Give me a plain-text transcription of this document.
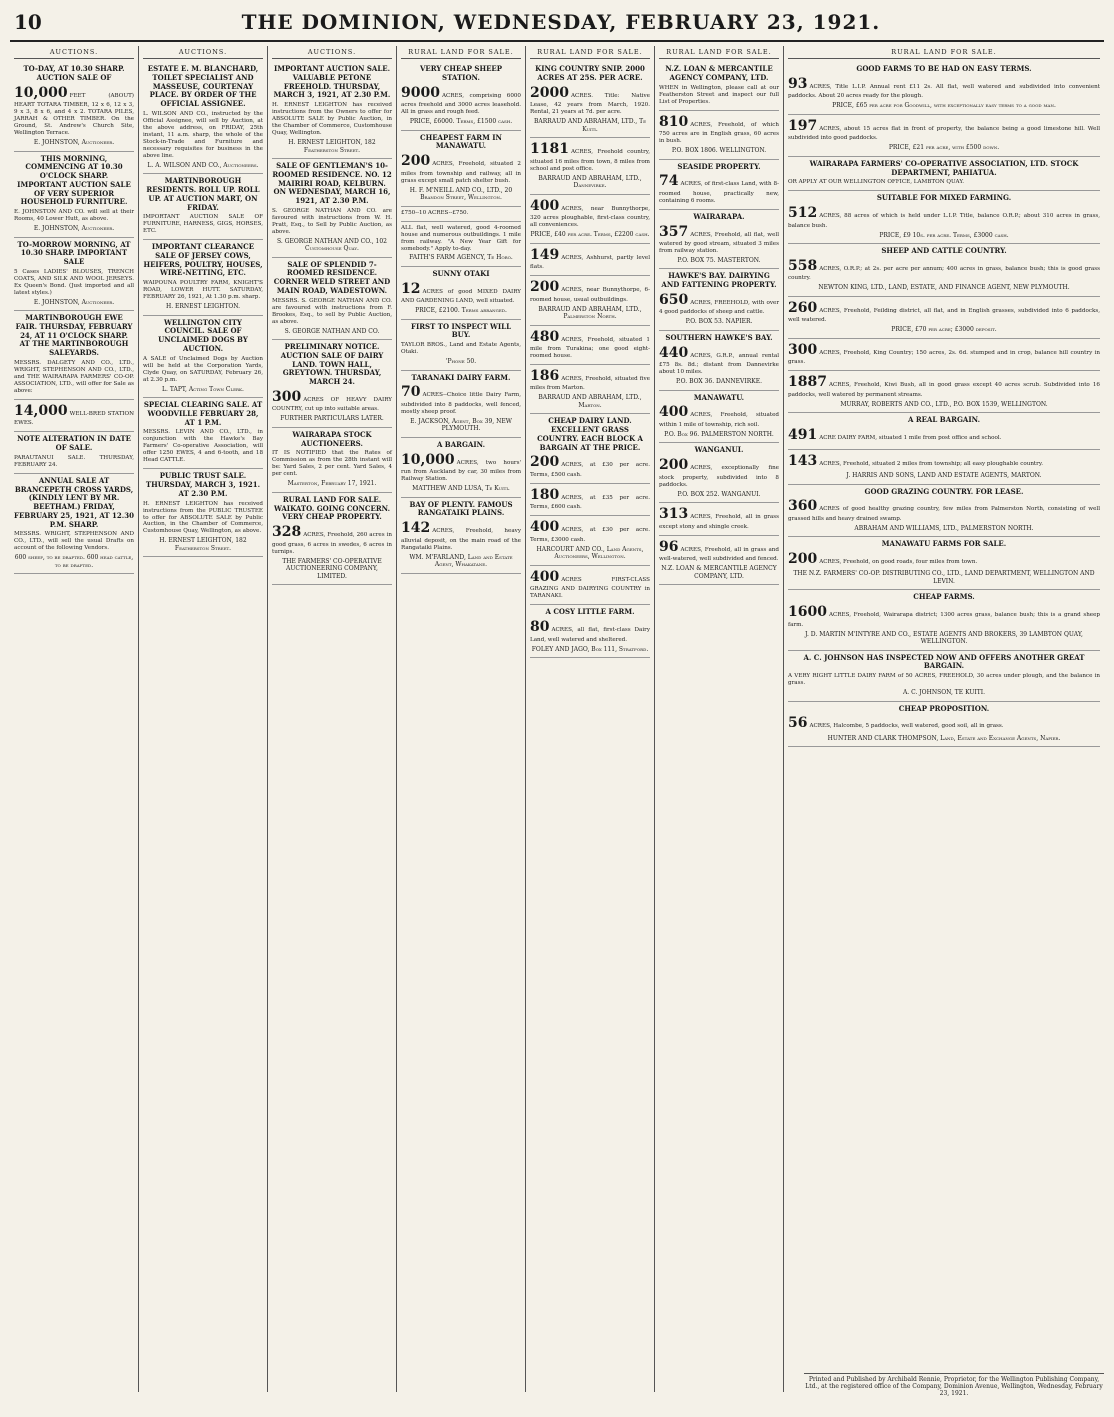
10	THE DOMINION, WEDNESDAY, FEBRUARY 23, 1921.
AUCTIONS.
TO-DAY, AT 10.30 SHARP. AUCTION SALE OF
10,000 FEET (ABOUT) HEART TOTARA TIMBER, 12 x 6, 12 x 3, 9 x 3, 8 x 6, and 4 x 2. TOTARA PILES, JARRAH & OTHER TIMBER. On the Ground, St. Andrew's Church Site, Wellington Terrace.
E. JOHNSTON, Auctioneer.
THIS MORNING, COMMENCING AT 10.30 O'CLOCK SHARP. IMPORTANT AUCTION SALE OF VERY SUPERIOR HOUSEHOLD FURNITURE.
E. JOHNSTON AND CO. will sell at their Rooms, 40 Lower Hutt, as above.
E. JOHNSTON, Auctioneer.
TO-MORROW MORNING, AT 10.30 SHARP. IMPORTANT SALE
5 Cases LADIES' BLOUSES, TRENCH COATS, AND SILK AND WOOL JERSEYS. Ex Queen's Bond. (Just imported and all latest styles.)
E. JOHNSTON, Auctioneer.
MARTINBOROUGH EWE FAIR. THURSDAY, FEBRUARY 24, AT 11 O'CLOCK SHARP. AT THE MARTINBOROUGH SALEYARDS.
MESSRS. DALGETY AND CO., LTD., WRIGHT, STEPHENSON AND CO., LTD., and THE WAIRARAPA FARMERS' CO-OP. ASSOCIATION, LTD., will offer for Sale as above:
14,000 WELL-BRED STATION EWES.
NOTE ALTERATION IN DATE OF SALE.
PARAUTANUI SALE. THURSDAY, FEBRUARY 24.
ANNUAL SALE AT BRANCEPETH CROSS YARDS, (KINDLY LENT BY MR. BEETHAM.) FRIDAY, FEBRUARY 25, 1921, AT 12.30 P.M. SHARP.
MESSRS. WRIGHT, STEPHENSON AND CO., LTD., will sell the usual Drafts on account of the following Vendors.
600 sheep, to be drafted. 600 head cattle, to be drafted.
AUCTIONS.
ESTATE E. M. BLANCHARD, TOILET SPECIALIST AND MASSEUSE, COURTENAY PLACE. BY ORDER OF THE OFFICIAL ASSIGNEE.
L. WILSON AND CO., instructed by the Official Assignee, will sell by Auction, at the above address, on FRIDAY, 25th instant, 11 a.m. sharp, the whole of the Stock-in-Trade and Furniture and necessary requisites for business in the above line.
L. A. WILSON AND CO., Auctioneers.
MARTINBOROUGH RESIDENTS. ROLL UP. ROLL UP. AT AUCTION MART, ON FRIDAY.
IMPORTANT AUCTION SALE OF FURNITURE, HARNESS, GIGS, HORSES, ETC.
IMPORTANT CLEARANCE SALE OF JERSEY COWS, HEIFERS, POULTRY, HOUSES, WIRE-NETTING, ETC.
WAIPOUNA POULTRY FARM, KNIGHT'S ROAD, LOWER HUTT. SATURDAY, FEBRUARY 26, 1921, At 1.30 p.m. sharp.
H. ERNEST LEIGHTON.
WELLINGTON CITY COUNCIL. SALE OF UNCLAIMED DOGS BY AUCTION.
A SALE of Unclaimed Dogs by Auction will be held at the Corporation Yards, Clyde Quay, on SATURDAY, February 26, at 2.30 p.m.
L. TAPT, Acting Town Clerk.
SPECIAL CLEARING SALE. AT WOODVILLE FEBRUARY 28, AT 1 P.M.
MESSRS. LEVIN AND CO., LTD., in conjunction with the Hawke's Bay Farmers' Co-operative Association, will offer 1250 EWES, 4 and 6-tooth, and 18 Head CATTLE.
PUBLIC TRUST SALE. THURSDAY, MARCH 3, 1921. AT 2.30 P.M.
H. ERNEST LEIGHTON has received instructions from the PUBLIC TRUSTEE to offer for ABSOLUTE SALE by Public Auction, in the Chamber of Commerce, Customhouse Quay, Wellington, as above.
H. ERNEST LEIGHTON, 182 Featherston Street.
AUCTIONS.
IMPORTANT AUCTION SALE. VALUABLE PETONE FREEHOLD. THURSDAY, MARCH 3, 1921, AT 2.30 P.M.
H. ERNEST LEIGHTON has received instructions from the Owners to offer for ABSOLUTE SALE by Public Auction, in the Chamber of Commerce, Customhouse Quay, Wellington.
H. ERNEST LEIGHTON, 182 Featherston Street.
SALE OF GENTLEMAN'S 10-ROOMED RESIDENCE. NO. 12 MAIRIRI ROAD, KELBURN. ON WEDNESDAY, MARCH 16, 1921, AT 2.30 P.M.
S. GEORGE NATHAN AND CO. are favoured with instructions from W. H. Pratt, Esq., to Sell by Public Auction, as above.
S. GEORGE NATHAN AND CO., 102 Customhouse Quay.
SALE OF SPLENDID 7-ROOMED RESIDENCE. CORNER WELD STREET AND MAIN ROAD, WADESTOWN.
MESSRS. S. GEORGE NATHAN AND CO. are favoured with instructions from F. Brookes, Esq., to sell by Public Auction, as above.
S. GEORGE NATHAN AND CO.
PRELIMINARY NOTICE. AUCTION SALE OF DAIRY LAND. TOWN HALL, GREYTOWN. THURSDAY, MARCH 24.
300 ACRES OF HEAVY DAIRY COUNTRY, cut up into suitable areas.
FURTHER PARTICULARS LATER.
WAIRARAPA STOCK AUCTIONEERS.
IT IS NOTIFIED that the Rates of Commission as from the 28th instant will be: Yard Sales, 2 per cent. Yard Sales, 4 per cent.
Masterton, February 17, 1921.
RURAL LAND FOR SALE. WAIKATO. GOING CONCERN. VERY CHEAP PROPERTY.
328 ACRES, Freehold, 260 acres in good grass, 6 acres in swedes, 6 acres in turnips.
THE FARMERS' CO-OPERATIVE AUCTIONEERING COMPANY, LIMITED.
RURAL LAND FOR SALE.
VERY CHEAP SHEEP STATION.
9000 ACRES, comprising 6000 acres freehold and 3000 acres leasehold. All in grass and rough feed.
PRICE, £6000. Terms, £1500 cash.
CHEAPEST FARM IN MANAWATU.
200 ACRES, Freehold, situated 2 miles from township and railway, all in grass except small patch shelter bush.
H. F. M'NEILL AND CO., LTD., 20 Brandon Street, Wellington.
£750--10 ACRES--£750.
ALL flat, well watered, good 4-roomed house and numerous outbuildings. 1 mile from railway. "A New Year Gift for somebody." Apply to-day.
FAITH'S FARM AGENCY, Te Horo.
SUNNY OTAKI
12 ACRES of good MIXED DAIRY AND GARDENING LAND, well situated.
PRICE, £2100. Terms arranged.
FIRST TO INSPECT WILL BUY.
TAYLOR BROS., Land and Estate Agents, Otaki.
'Phone 50.
TARANAKI DAIRY FARM.
70 ACRES--Choice little Dairy Farm, subdivided into 8 paddocks, well fenced, mostly sheep proof.
E. JACKSON, Agent, Box 39, NEW PLYMOUTH.
A BARGAIN.
10,000 ACRES, two hours' run from Auckland by car, 30 miles from Railway Station.
MATTHEW AND LUSA, Te Kuiti.
BAY OF PLENTY. FAMOUS RANGATAIKI PLAINS.
142 ACRES, Freehold, heavy alluvial deposit, on the main road of the Rangataiki Plains.
WM. M'FARLAND, Land and Estate Agent, Whakatane.
RURAL LAND FOR SALE.
KING COUNTRY SNIP. 2000 ACRES AT 25S. PER ACRE.
2000 ACRES. Title: Native Lease, 42 years from March, 1920. Rental, 21 years at 7d. per acre.
BARRAUD AND ABRAHAM, LTD., Te Kuiti.
1181 ACRES, Freehold country, situated 16 miles from town, 8 miles from school and post office.
BARRAUD AND ABRAHAM, LTD., Dannevirke.
400 ACRES, near Bunnythorpe, 320 acres ploughable, first-class country, all conveniences.
PRICE, £40 per acre. Terms, £2200 cash.
149 ACRES, Ashhurst, partly level flats.
200 ACRES, near Bunnythorpe, 6-roomed house, usual outbuildings.
BARRAUD AND ABRAHAM, LTD., Palmerston North.
480 ACRES, Freehold, situated 1 mile from Turakina; one good eight-roomed house.
186 ACRES, Freehold, situated five miles from Marton.
BARRAUD AND ABRAHAM, LTD., Marton.
CHEAP DAIRY LAND. EXCELLENT GRASS COUNTRY. EACH BLOCK A BARGAIN AT THE PRICE.
200 ACRES, at £30 per acre. Terms, £500 cash.
180 ACRES, at £35 per acre. Terms, £600 cash.
400 ACRES, at £30 per acre. Terms, £3000 cash.
HARCOURT AND CO., Land Agents, Auctioneers, Wellington.
400 ACRES FIRST-CLASS GRAZING AND DAIRYING COUNTRY in TARANAKI.
A COSY LITTLE FARM.
80 ACRES, all flat, first-class Dairy Land, well watered and sheltered.
FOLEY AND JAGO, Box 111, Stratford.
RURAL LAND FOR SALE.
N.Z. LOAN & MERCANTILE AGENCY COMPANY, LTD.
WHEN in Wellington, please call at our Featherston Street and inspect our full List of Properties.
810 ACRES, Freehold, of which 750 acres are in English grass, 60 acres in bush.
P.O. BOX 1806. WELLINGTON.
SEASIDE PROPERTY.
74 ACRES, of first-class Land, with 8-roomed house, practically new, containing 6 rooms.
WAIRARAPA.
357 ACRES, Freehold, all flat, well watered by good stream, situated 3 miles from railway station.
P.O. BOX 75. MASTERTON.
HAWKE'S BAY. DAIRYING AND FATTENING PROPERTY.
650 ACRES, FREEHOLD, with over 4 good paddocks of sheep and cattle.
P.O. BOX 53. NAPIER.
SOUTHERN HAWKE'S BAY.
440 ACRES, G.R.P., annual rental £75 8s. 8d.; distant from Dannevirke about 10 miles.
P.O. BOX 36. DANNEVIRKE.
MANAWATU.
400 ACRES, Freehold, situated within 1 mile of township, rich soil.
P.O. Box 96. PALMERSTON NORTH.
WANGANUI.
200 ACRES, exceptionally fine stock property, subdivided into 8 paddocks.
P.O. BOX 252. WANGANUI.
313 ACRES, Freehold, all in grass except stony and shingle creek.
96 ACRES, Freehold, all in grass and well-watered, well subdivided and fenced.
N.Z. LOAN & MERCANTILE AGENCY COMPANY, LTD.
RURAL LAND FOR SALE.
GOOD FARMS TO BE HAD ON EASY TERMS.
93 ACRES, Title L.I.P. Annual rent £11 2s. All flat, well watered and subdivided into convenient paddocks. About 20 acres ready for the plough.
PRICE, £65 per acre for Goodwill, with exceptionally easy terms to a good man.
197 ACRES, about 15 acres flat in front of property, the balance being a good limestone hill. Well subdivided into good paddocks.
PRICE, £21 per acre, with £500 down.
WAIRARAPA FARMERS' CO-OPERATIVE ASSOCIATION, LTD. STOCK DEPARTMENT, PAHIATUA.
OR APPLY AT OUR WELLINGTON OFFICE, LAMBTON QUAY.
SUITABLE FOR MIXED FARMING.
512 ACRES, 88 acres of which is held under L.I.P. Title, balance O.R.P.; about 310 acres in grass, balance bush.
PRICE, £9 10s. per acre. Terms, £3000 cash.
SHEEP AND CATTLE COUNTRY.
558 ACRES, O.R.P.; at 2s. per acre per annum; 400 acres in grass, balance bush; this is good grass country.
NEWTON KING, LTD., LAND, ESTATE, AND FINANCE AGENT, NEW PLYMOUTH.
260 ACRES, Freehold, Feilding district, all flat, and in English grasses, subdivided into 6 paddocks, well watered.
PRICE, £70 per acre; £3000 deposit.
300 ACRES, Freehold, King Country; 150 acres, 2s. 6d. stumped and in crop, balance hill country in grass.
1887 ACRES, Freehold, Kiwi Bush, all in good grass except 40 acres scrub. Subdivided into 16 paddocks, well watered by permanent streams.
MURRAY, ROBERTS AND CO., LTD., P.O. BOX 1539, WELLINGTON.
A REAL BARGAIN.
491 ACRE DAIRY FARM, situated 1 mile from post office and school.
143 ACRES, Freehold, situated 2 miles from township; all easy ploughable country.
J. HARRIS AND SONS, LAND AND ESTATE AGENTS, MARTON.
GOOD GRAZING COUNTRY. FOR LEASE.
360 ACRES of good healthy grazing country, few miles from Palmerston North, consisting of well grassed hills and heavy drained swamp.
ABRAHAM AND WILLIAMS, LTD., PALMERSTON NORTH.
MANAWATU FARMS FOR SALE.
200 ACRES, Freehold, on good roads, four miles from town.
THE N.Z. FARMERS' CO-OP. DISTRIBUTING CO., LTD., LAND DEPARTMENT, WELLINGTON AND LEVIN.
CHEAP FARMS.
1600 ACRES, Freehold, Wairarapa district; 1300 acres grass, balance bush; this is a grand sheep farm.
J. D. MARTIN M'INTYRE AND CO., ESTATE AGENTS AND BROKERS, 39 LAMBTON QUAY, WELLINGTON.
A. C. JOHNSON HAS INSPECTED NOW AND OFFERS ANOTHER GREAT BARGAIN.
A VERY RIGHT LITTLE DAIRY FARM of 50 ACRES, FREEHOLD, 30 acres under plough, and the balance in grass.
A. C. JOHNSON, TE KUITI.
CHEAP PROPOSITION.
56 ACRES, Halcombe, 5 paddocks, well watered, good soil, all in grass.
HUNTER AND CLARK THOMPSON, Land, Estate and Exchange Agents, Napier.
Printed and Published by Archibald Rennie, Proprietor, for the Wellington Publishing Company, Ltd., at the registered office of the Company, Dominion Avenue, Wellington, Wednesday, February 23, 1921.
